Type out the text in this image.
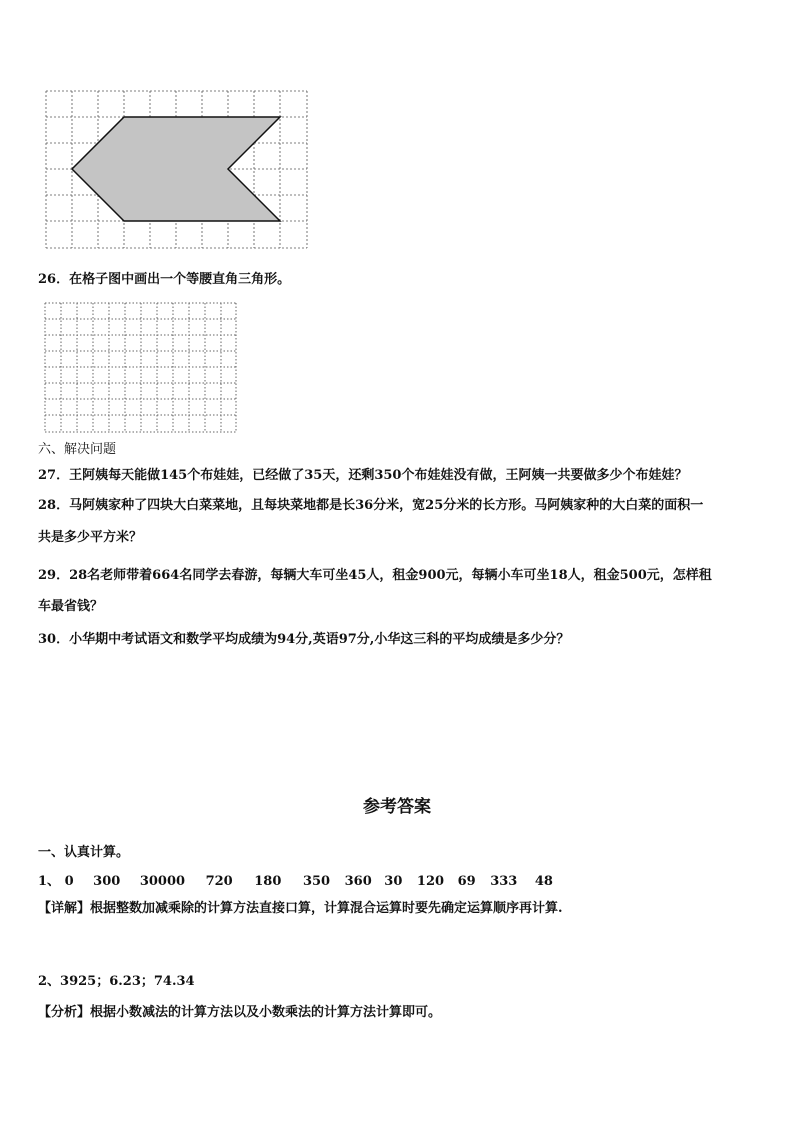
26．在格子图中画出一个等腰直角三角形。
六、解决问题
27．王阿姨每天能做145个布娃娃，已经做了35天，还剩350个布娃娃没有做，王阿姨一共要做多少个布娃娃？
28．马阿姨家种了四块大白菜菜地，且每块菜地都是长36分米，宽25分米的长方形。马阿姨家种的大白菜的面积一
共是多少平方米？
29．28名老师带着664名同学去春游，每辆大车可坐45人，租金900元，每辆小车可坐18人，租金500元，怎样租
车最省钱？
30．小华期中考试语文和数学平均成绩为94分,英语97分,小华这三科的平均成绩是多少分？
参考答案
一、认真计算。
1、 0 300 30000 720 180 350 360 30 120 69 333 48
【详解】根据整数加减乘除的计算方法直接口算，计算混合运算时要先确定运算顺序再计算.
2、3925；6.23；74.34
【分析】根据小数减法的计算方法以及小数乘法的计算方法计算即可。
